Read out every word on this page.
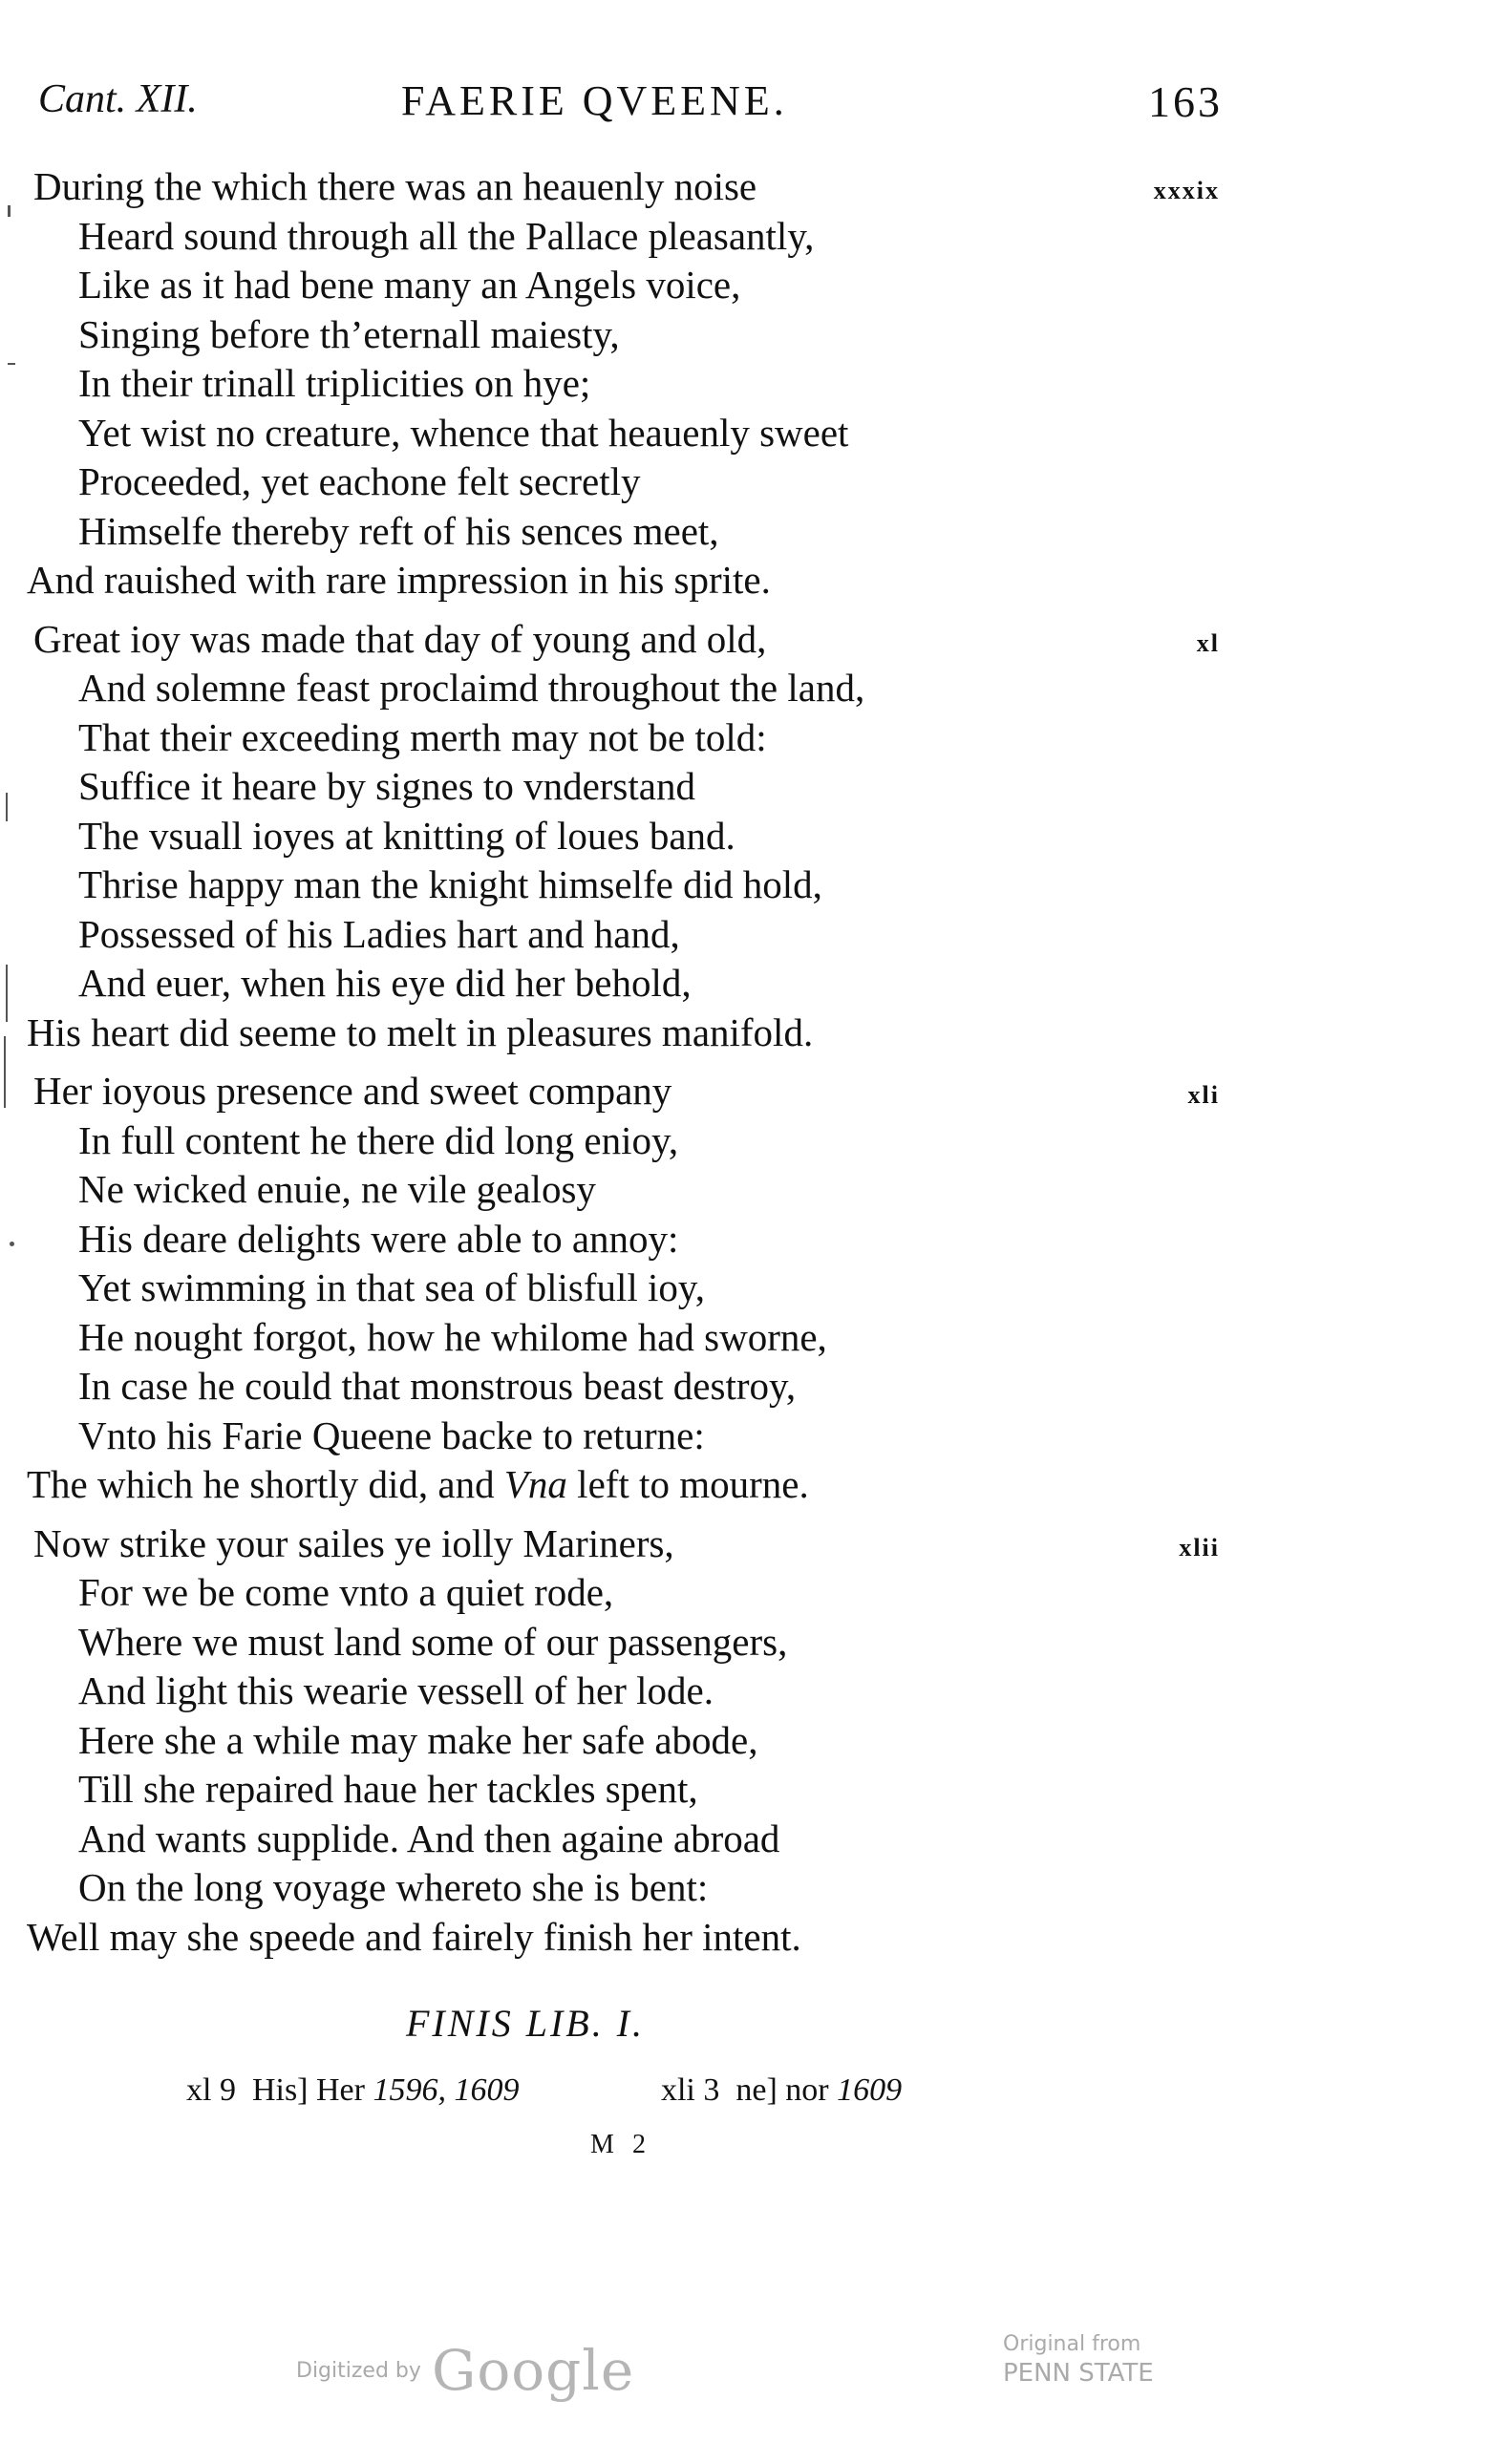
Cant. XII.	FAERIE QVEENE.	163
xxxix
During the which there was an heauenly noise
Heard sound through all the Pallace pleasantly,
Like as it had bene many an Angels voice,
Singing before th’eternall maiesty,
In their trinall triplicities on hye;
Yet wist no creature, whence that heauenly sweet
Proceeded, yet eachone felt secretly
Himselfe thereby reft of his sences meet,
And rauished with rare impression in his sprite.
xl
Great ioy was made that day of young and old,
And solemne feast proclaimd throughout the land,
That their exceeding merth may not be told:
Suffice it heare by signes to vnderstand
The vsuall ioyes at knitting of loues band.
Thrise happy man the knight himselfe did hold,
Possessed of his Ladies hart and hand,
And euer, when his eye did her behold,
His heart did seeme to melt in pleasures manifold.
xli
Her ioyous presence and sweet company
In full content he there did long enioy,
Ne wicked enuie, ne vile gealosy
His deare delights were able to annoy:
Yet swimming in that sea of blisfull ioy,
He nought forgot, how he whilome had sworne,
In case he could that monstrous beast destroy,
Vnto his Farie Queene backe to returne:
The which he shortly did, and Vna left to mourne.
xlii
Now strike your sailes ye iolly Mariners,
For we be come vnto a quiet rode,
Where we must land some of our passengers,
And light this wearie vessell of her lode.
Here she a while may make her safe abode,
Till she repaired haue her tackles spent,
And wants supplide. And then againe abroad
On the long voyage whereto she is bent:
Well may she speede and fairely finish her intent.
FINIS LIB. I.
xl 9 His] Her 1596, 1609	xli 3 ne] nor 1609
M 2
Digitized by Google	Original from
PENN STATE
